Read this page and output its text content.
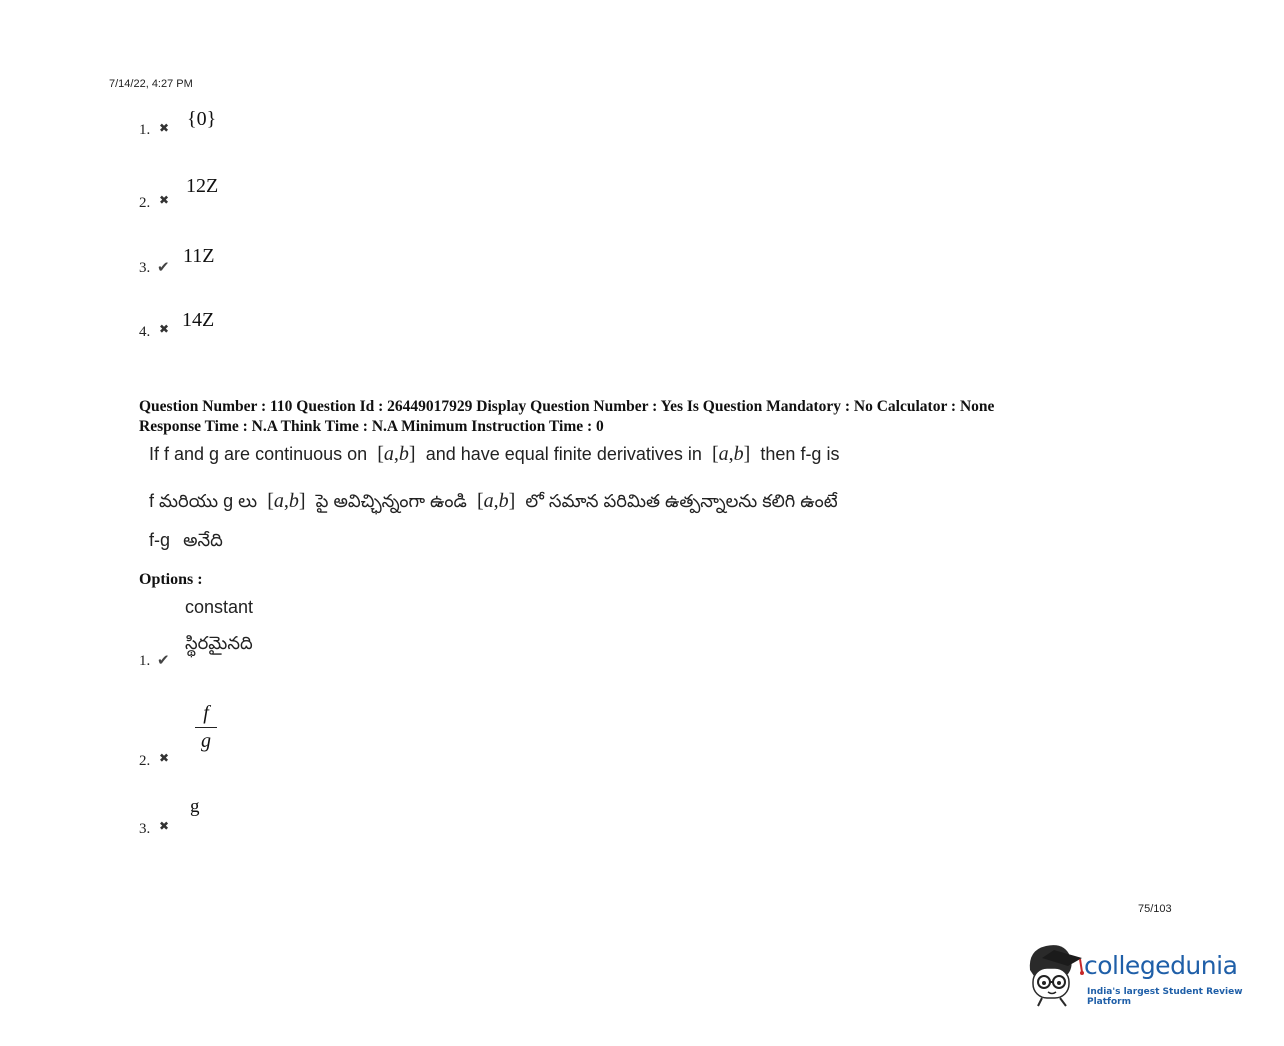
7/14/22, 4:27 PM
1. ✖ {0}
2. ✖
12Z
3. ✔ 11Z
4. ✖ 14Z
Question Number : 110 Question Id : 26449017929 Display Question Number : Yes Is Question Mandatory : No Calculator : None
Response Time : N.A Think Time : N.A Minimum Instruction Time : 0
If f and g are continuous on  [a,b]  and have equal finite derivatives in  [a,b]  then f-g is
f మరియు g లు  [a,b]  పై అవిచ్ఛిన్నంగా ఉండి  [a,b]  లో సమాన పరిమిత ఉత్పన్నాలను కలిగి ఉంటే
f-g అనేది
Options :
constant
స్థిరమైనది
1. ✔
f
g
2. ✖
g
3. ✖
75/103
collegedunia
India's largest Student Review Platform
